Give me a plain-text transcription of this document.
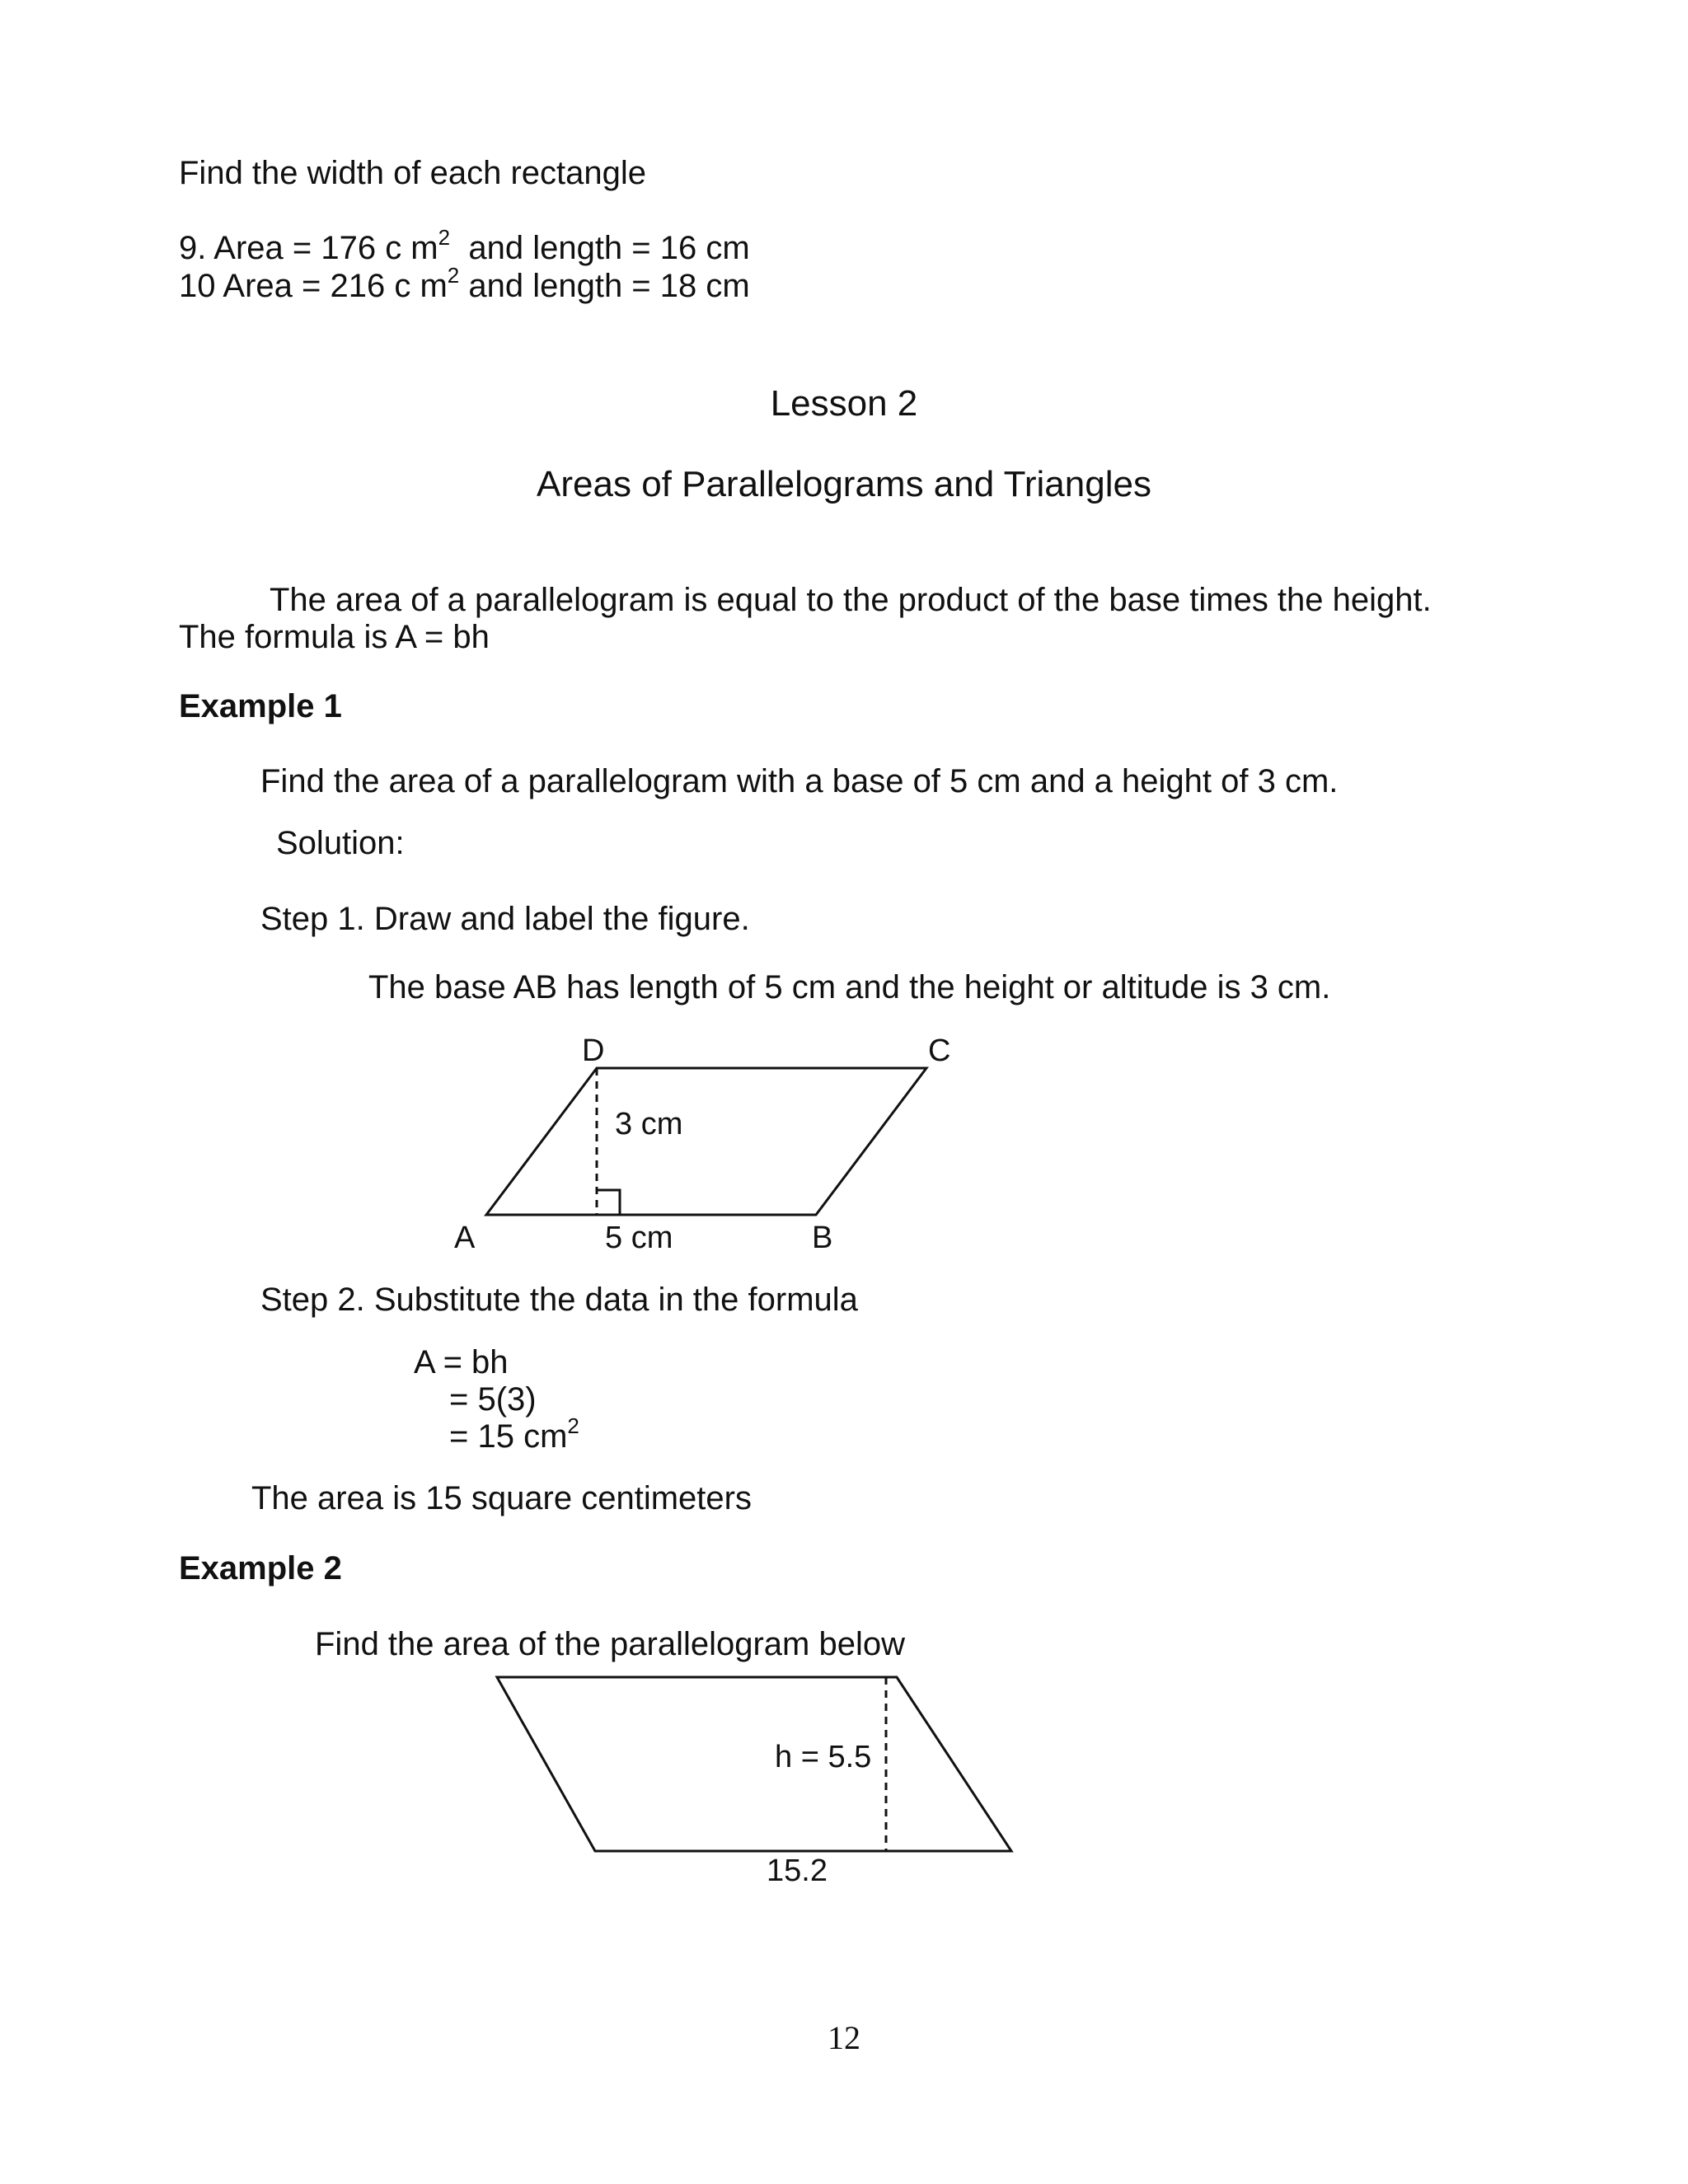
Find the width of each rectangle
9. Area = 176 c $m^2$ and length = 16 cm
10 Area = 216 c $m^2$ and length = 18 cm
Lesson 2
Areas of Parallelograms and Triangles
The area of a parallelogram is equal to the product of the base times the height.
The formula is A = bh
Example 1
Find the area of a parallelogram with a base of 5 cm and a height of 3 cm.
Solution:
Step 1. Draw and label the figure.
The base AB has length of 5 cm and the height or altitude is 3 cm.
D	C
A	B
3 cm
5 cm
Step 2. Substitute the data in the formula
A = bh
= 5(3)
= 15 $cm^2$
The area is 15 square centimeters
Example 2
Find the area of the parallelogram below
h = 5.5
15.2
12
